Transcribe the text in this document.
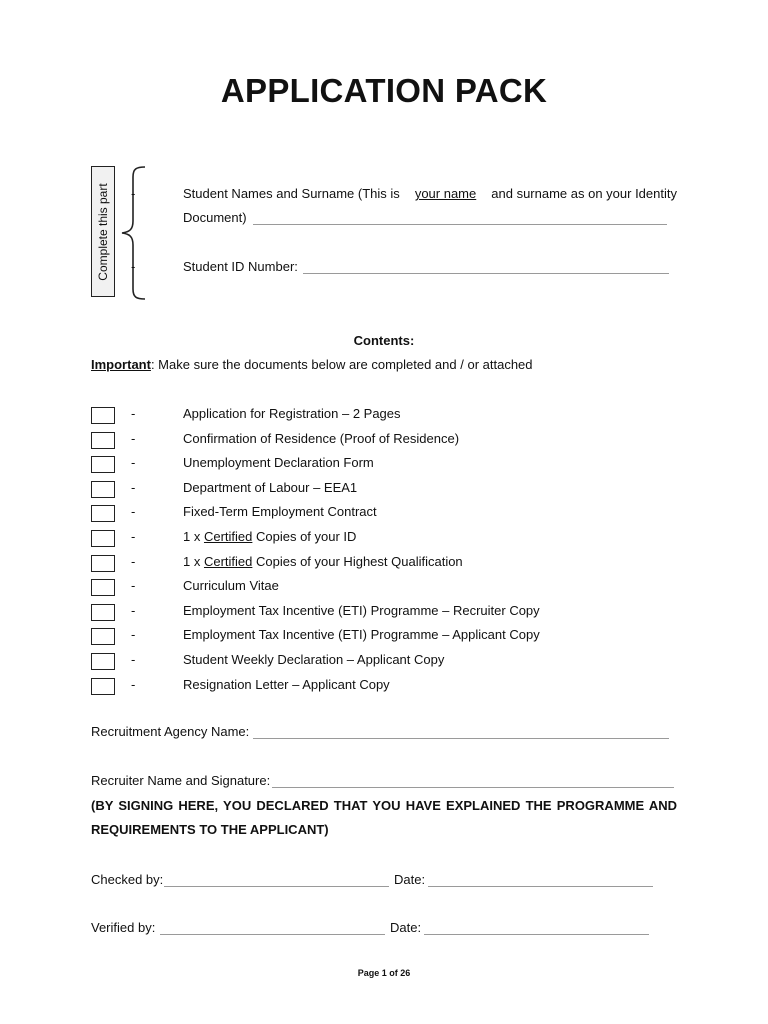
APPLICATION PACK
Complete this part -	Student Names and Surname (This is your name and surname as on your Identity
Document)
-	Student ID Number:
Contents:
Important: Make sure the documents below are completed and / or attached
-	Application for Registration – 2 Pages
-	Confirmation of Residence (Proof of Residence)
-	Unemployment Declaration Form
-	Department of Labour – EEA1
-	Fixed-Term Employment Contract
-	1 x Certified Copies of your ID
-	1 x Certified Copies of your Highest Qualification
-	Curriculum Vitae
-	Employment Tax Incentive (ETI) Programme – Recruiter Copy
-	Employment Tax Incentive (ETI) Programme – Applicant Copy
-	Student Weekly Declaration – Applicant Copy
-	Resignation Letter – Applicant Copy
Recruitment Agency Name:
Recruiter Name and Signature:
(BY SIGNING HERE, YOU DECLARED THAT YOU HAVE EXPLAINED THE PROGRAMME AND
REQUIREMENTS TO THE APPLICANT)
Checked by:	Date:
Verified by:	Date:
Page 1 of 26
